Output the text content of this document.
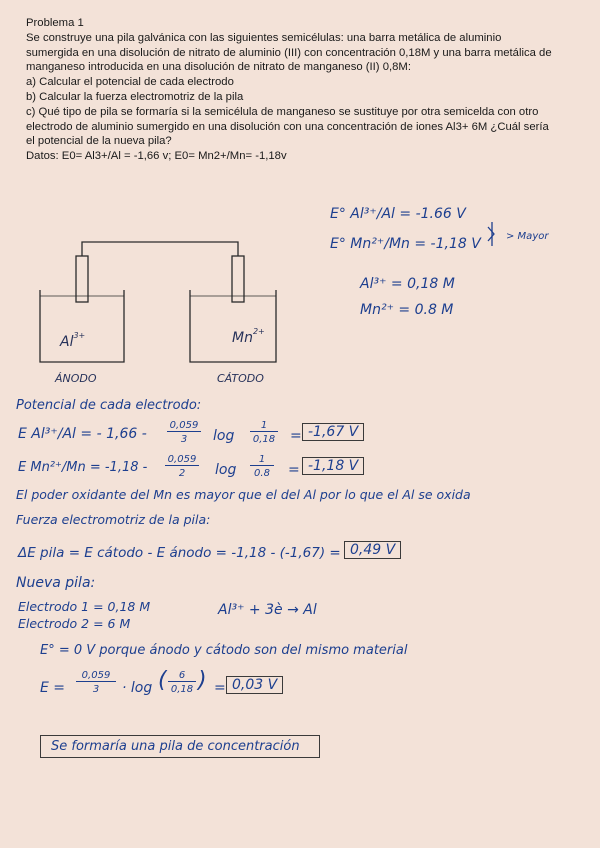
Problema 1
Se construye una pila galvánica con las siguientes semicélulas: una barra metálica de aluminio
sumergida en una disolución de nitrato de aluminio (III) con concentración 0,18M y una barra metálica de
manganeso introducida en una disolución de nitrato de manganeso (II) 0,8M:
a) Calcular el potencial de cada electrodo
b) Calcular la fuerza electromotriz de la pila
c) Qué tipo de pila se formaría si la semicélula de manganeso se sustituye por otra semicelda con otro
electrodo de aluminio sumergido en una disolución con una concentración de iones Al3+ 6M ¿Cuál sería
el potencial de la nueva pila?
Datos: E0= Al3+/Al = -1,66 v; E0= Mn2+/Mn= -1,18v
E° Al³⁺/Al = -1.66 V
E° Mn²⁺/Mn = -1,18 V	> Mayor
Al³⁺ = 0,18 M
Mn²⁺ = 0.8 M
$Al^{3+}$	$Mn^{2+}$
ÁNODO	CÁTODO
Potencial de cada electrodo:
E Al³⁺/Al = - 1,66 -
0,059
3	log
1
0,18 = -1,67 V
E Mn²⁺/Mn = -1,18 -
0,059
2	log
1
0.8 = -1,18 V
El poder oxidante del Mn es mayor que el del Al por lo que el Al se oxida
Fuerza electromotriz de la pila:
ΔE pila = E cátodo - E ánodo = -1,18 - (-1,67) = 0,49 V
Nueva pila:
Electrodo 1 = 0,18 M
Electrodo 2 = 6 M
Al³⁺ + 3è → Al
E° = 0 V porque ánodo y cátodo son del mismo material
E =
0,059
3	· log (	6
0,18 ) = 0,03 V
Se formaría una pila de concentración
